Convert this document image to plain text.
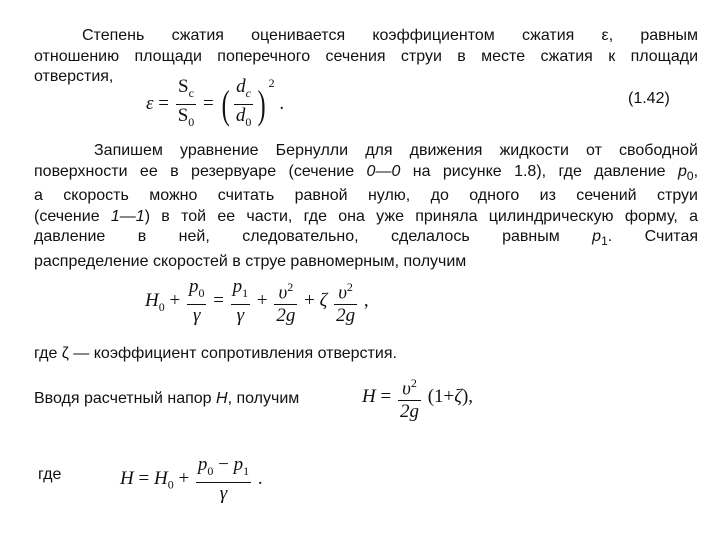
Степень сжатия оценивается коэффициентом сжатия ε, равным
отношению площади поперечного сечения струи в месте сжатия к площади
отверстия,
$\varepsilon = \frac{S_c}{S_0}$ = ( $\frac{d_c}{d_0}$ ) $^2$ .	(1.42)
Запишем уравнение Бернулли для движения жидкости от свободной
поверхности ее в резервуаре (сечение 0—0 на рисунке 1.8), где давление $p_0$,
а скорость можно считать равной нулю, до одного из сечений струи
(сечение 1—1) в той ее части, где она уже приняла цилиндрическую форму, а
давление в ней, следовательно, сделалось равным $p_1$. Считая
распределение скоростей в струе равномерным, получим
$H_0 + \frac{p_0}{\gamma} = \frac{p_1}{\gamma} + \frac{\upsilon^2}{2g} + \zeta \frac{\upsilon^2}{2g}$ ,
где ζ — коэффициент сопротивления отверстия.
Вводя расчетный напор H, получим	$H = \frac{\upsilon^2}{2g} (1+\zeta)$,
где	$H = H_0 + \frac{p_0 - p_1}{\gamma}$ .
